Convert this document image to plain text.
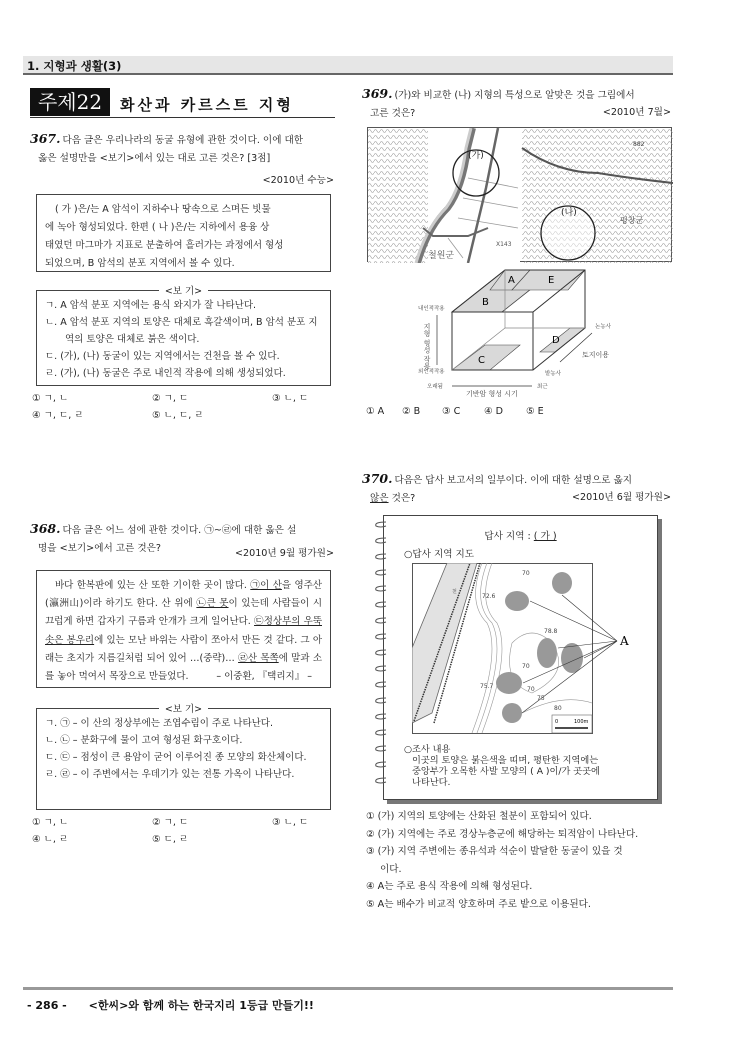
1. 지형과 생활(3)
주제22	화산과 카르스트 지형
367. 다음 글은 우리나라의 동굴 유형에 관한 것이다. 이에 대한
옳은 설명만을 <보기>에서 있는 대로 고른 것은? [3점]
<2010년 수능>
( 가 )은/는 A 암석이 지하수나 땅속으로 스며든 빗물
에 녹아 형성되었다. 한편 ( 나 )은/는 지하에서 용융 상
태였던 마그마가 지표로 분출하여 흘러가는 과정에서 형성
되었으며, B 암석의 분포 지역에서 볼 수 있다.
<보 기>
ㄱ. A 암석 분포 지역에는 용식 와지가 잘 나타난다.
ㄴ. A 암석 분포 지역의 토양은 대체로 흑갈색이며, B 암석 분포 지역의 토양은 대체로 붉은 색이다.
ㄷ. (가), (나) 동굴이 있는 지역에서는 건천을 볼 수 있다.
ㄹ. (가), (나) 동굴은 주로 내인적 작용에 의해 생성되었다.
① ㄱ, ㄴ	② ㄱ, ㄷ	③ ㄴ, ㄷ
④ ㄱ, ㄷ, ㄹ	⑤ ㄴ, ㄷ, ㄹ
368. 다음 글은 어느 섬에 관한 것이다. ㉠~㉣에 대한 옳은 설
명을 <보기>에서 고른 것은?	<2010년 9월 평가원>
바다 한복판에 있는 산 또한 기이한 곳이 많다. ㉠이 산을 영주산(瀛洲山)이라 하기도 한다. 산 위에 ㉡큰 못이 있는데 사람들이 시끄럽게 하면 갑자기 구름과 안개가 크게 일어난다. ㉢정상부의 우뚝 솟은 봉우리에 있는 모난 바위는 사람이 쪼아서 만든 것 같다. 그 아래는 초지가 지름길처럼 되어 있어 …(중략)… ㉣산 목쪽에 말과 소를 놓아 먹여서 목장으로 만들었다.	– 이중환, 『택리지』 –
<보 기>
ㄱ. ㉠ – 이 산의 정상부에는 조엽수림이 주로 나타난다.
ㄴ. ㉡ – 분화구에 물이 고여 형성된 화구호이다.
ㄷ. ㉢ – 점성이 큰 용암이 굳어 이루어진 종 모양의 화산체이다.
ㄹ. ㉣ – 이 주변에서는 우데기가 있는 전통 가옥이 나타난다.
① ㄱ, ㄴ	② ㄱ, ㄷ	③ ㄴ, ㄷ
④ ㄴ, ㄹ	⑤ ㄷ, ㄹ
369. (가)와 비교한 (나) 지형의 특성으로 알맞은 것을 그림에서
고른 것은?	<2010년 7월>
(가)
철원군
X143
(나)
평창군
882
A
B
C
D
E
내인적작용
외인적작용
지형 형성 작용
오래됨	최근
기반암 형성 시기
논농사
토지이용
밭농사
① A ② B ③ C ④ D ⑤ E
370. 다음은 답사 보고서의 일부이다. 이에 대한 설명으로 옳지
않은 것은?	<2010년 6월 평가원>
답사 지역 : ( 가 )
○답사 지역 지도
A
72.6
78.8
75.7
70
70
70
75
80
천
0	100m
○조사 내용
이곳의 토양은 붉은색을 띠며, 평탄한 지역에는
중앙부가 오목한 사발 모양의 ( A )이/가 곳곳에
나타난다.
① (가) 지역의 토양에는 산화된 철분이 포함되어 있다.
② (가) 지역에는 주로 경상누층군에 해당하는 퇴적암이 나타난다.
③ (가) 지역 주변에는 종유석과 석순이 발달한 동굴이 있을 것
이다.
④ A는 주로 용식 작용에 의해 형성된다.
⑤ A는 배수가 비교적 양호하며 주로 밭으로 이용된다.
- 286 - <한씨>와 함께 하는 한국지리 1등급 만들기!!
